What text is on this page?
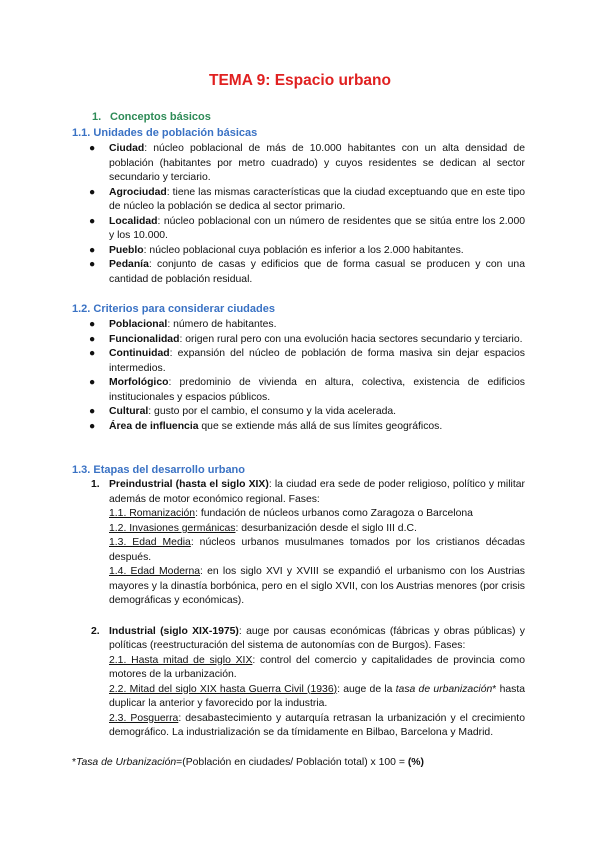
TEMA 9: Espacio urbano
1. Conceptos básicos
1.1. Unidades de población básicas
● Ciudad: núcleo poblacional de más de 10.000 habitantes con un alta densidad de población (habitantes por metro cuadrado) y cuyos residentes se dedican al sector secundario y terciario.
● Agrociudad: tiene las mismas características que la ciudad exceptuando que en este tipo de núcleo la población se dedica al sector primario.
● Localidad: núcleo poblacional con un número de residentes que se sitúa entre los 2.000 y los 10.000.
● Pueblo: núcleo poblacional cuya población es inferior a los 2.000 habitantes.
● Pedanía: conjunto de casas y edificios que de forma casual se producen y con una cantidad de población residual.
1.2. Criterios para considerar ciudades
● Poblacional: número de habitantes.
● Funcionalidad: origen rural pero con una evolución hacia sectores secundario y terciario.
● Continuidad: expansión del núcleo de población de forma masiva sin dejar espacios intermedios.
● Morfológico: predominio de vivienda en altura, colectiva, existencia de edificios institucionales y espacios públicos.
● Cultural: gusto por el cambio, el consumo y la vida acelerada.
● Área de influencia que se extiende más allá de sus límites geográficos.
1.3. Etapas del desarrollo urbano
1. Preindustrial (hasta el siglo XIX): la ciudad era sede de poder religioso, político y militar además de motor económico regional. Fases:
1.1. Romanización: fundación de núcleos urbanos como Zaragoza o Barcelona
1.2. Invasiones germánicas: desurbanización desde el siglo III d.C.
1.3. Edad Media: núcleos urbanos musulmanes tomados por los cristianos décadas después.
1.4. Edad Moderna: en los siglo XVI y XVIII se expandió el urbanismo con los Austrias mayores y la dinastía borbónica, pero en el siglo XVII, con los Austrias menores (por crisis demográficas y económicas).
2. Industrial (siglo XIX-1975): auge por causas económicas (fábricas y obras públicas) y políticas (reestructuración del sistema de autonomías con de Burgos). Fases:
2.1. Hasta mitad de siglo XIX: control del comercio y capitalidades de provincia como motores de la urbanización.
2.2. Mitad del siglo XIX hasta Guerra Civil (1936): auge de la tasa de urbanización* hasta duplicar la anterior y favorecido por la industria.
2.3. Posguerra: desabastecimiento y autarquía retrasan la urbanización y el crecimiento demográfico. La industrialización se da tímidamente en Bilbao, Barcelona y Madrid.
*Tasa de Urbanización=(Población en ciudades/ Población total) x 100 = (%)
